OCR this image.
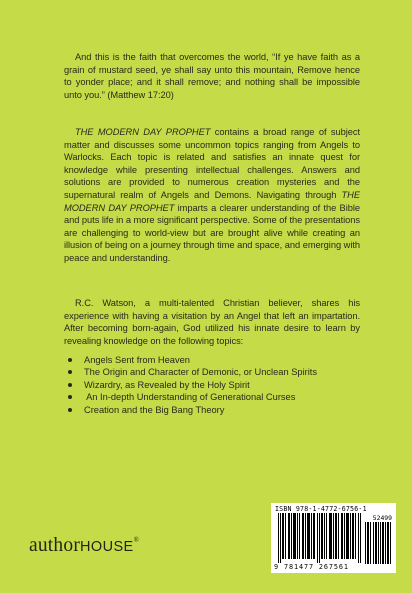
And this is the faith that overcomes the world, “If ye have faith as a grain of mustard seed, ye shall say unto this mountain, Remove hence to yonder place; and it shall remove; and nothing shall be impossible unto you.” (Matthew 17:20)

THE MODERN DAY PROPHET contains a broad range of subject matter and discusses some uncommon topics ranging from Angels to Warlocks. Each topic is related and satisfies an innate quest for knowledge while presenting intellectual challenges. Answers and solutions are provided to numerous creation mysteries and the supernatural realm of Angels and Demons. Navigating through THE MODERN DAY PROPHET imparts a clearer understanding of the Bible and puts life in a more significant perspective. Some of the presentations are challenging to world-view but are brought alive while creating an illusion of being on a journey through time and space, and emerging with peace and understanding.

R.C. Watson, a multi-talented Christian believer, shares his experience with having a visitation by an Angel that left an impartation. After becoming born-again, God utilized his innate desire to learn by revealing knowledge on the following topics:

Angels Sent from Heaven
The Origin and Character of Demonic, or Unclean Spirits
Wizardry, as Revealed by the Holy Spirit
An In-depth Understanding of Generational Curses
Creation and the Big Bang Theory
authorHOUSE®
ISBN 978-1-4772-6756-1
52499
9 781477 267561
